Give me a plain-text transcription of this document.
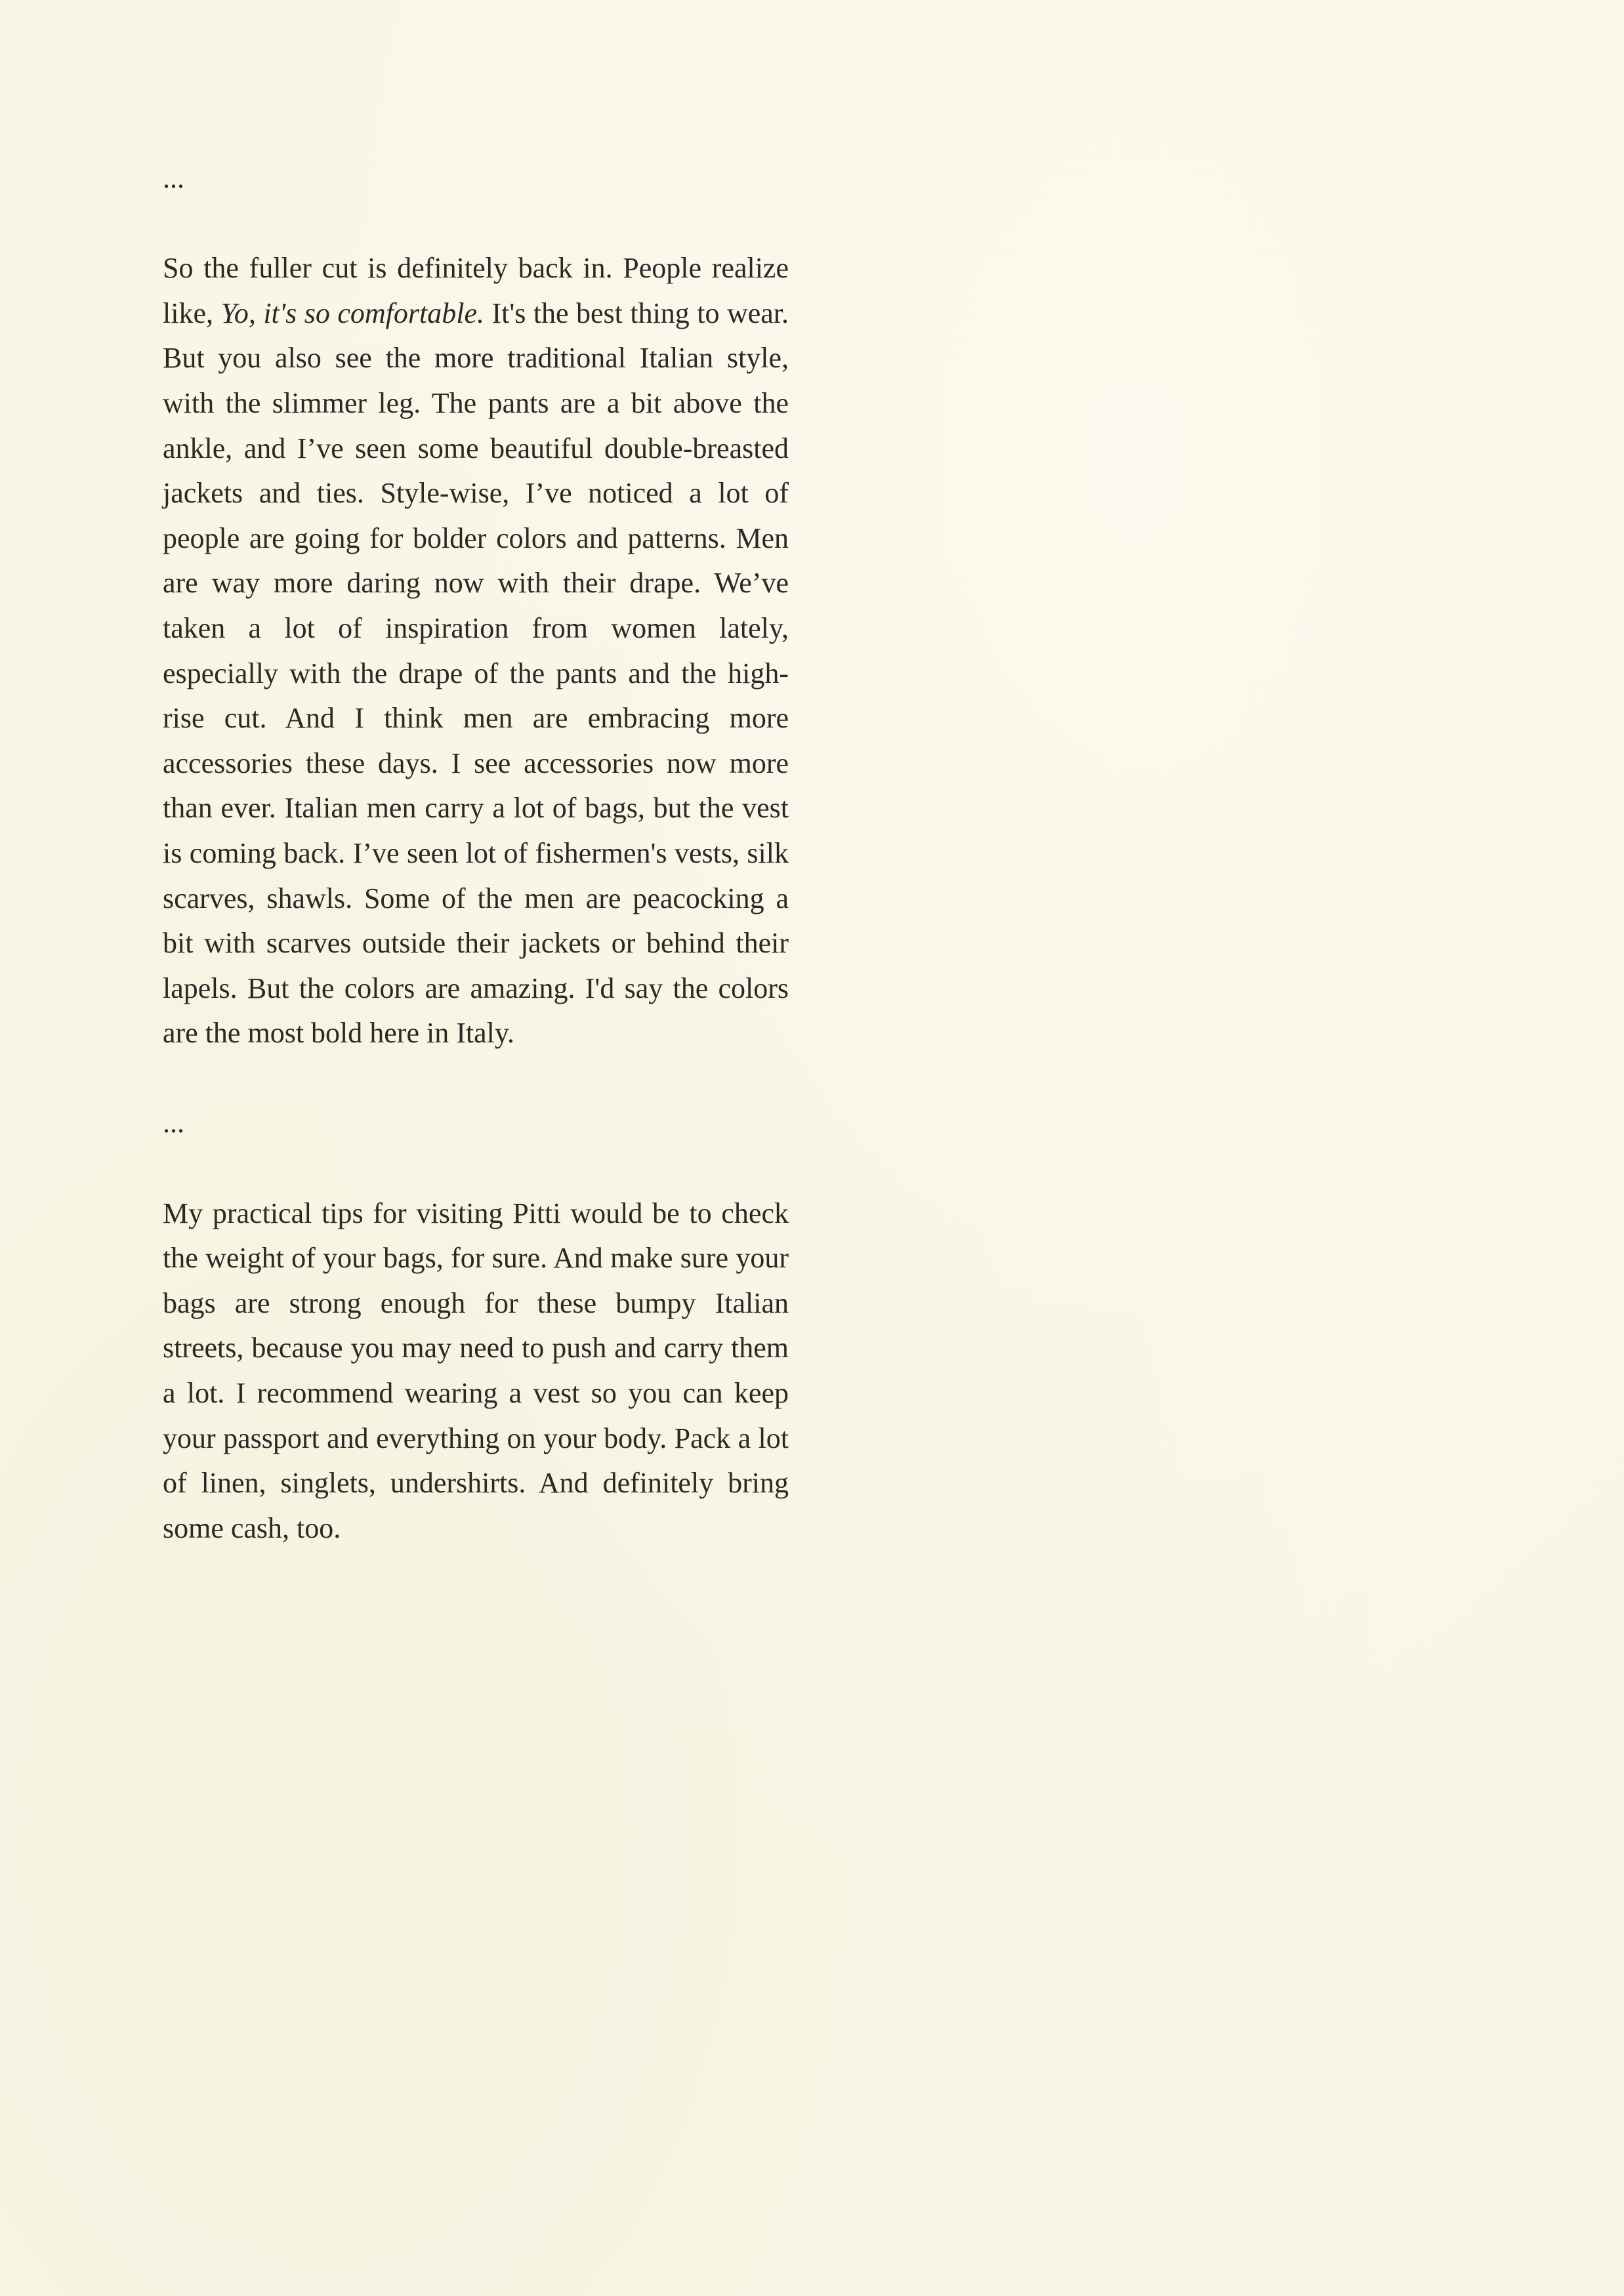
...

So the fuller cut is definitely back in. People realize like, Yo, it's so comfortable. It's the best thing to wear. But you also see the more traditional Italian style, with the slimmer leg. The pants are a bit above the ankle, and I’ve seen some beautiful double-breasted jackets and ties. Style-wise, I’ve noticed a lot of people are going for bolder colors and patterns. Men are way more daring now with their drape. We’ve taken a lot of inspiration from women lately, especially with the drape of the pants and the high-rise cut. And I think men are embracing more accessories these days. I see accessories now more than ever. Italian men carry a lot of bags, but the vest is coming back. I’ve seen lot of fishermen's vests, silk scarves, shawls. Some of the men are peacocking a bit with scarves outside their jackets or behind their lapels. But the colors are amazing. I'd say the colors are the most bold here in Italy.

...

My practical tips for visiting Pitti would be to check the weight of your bags, for sure. And make sure your bags are strong enough for these bumpy Italian streets, because you may need to push and carry them a lot. I recommend wearing a vest so you can keep your passport and everything on your body. Pack a lot of linen, singlets, undershirts. And definitely bring some cash, too.
